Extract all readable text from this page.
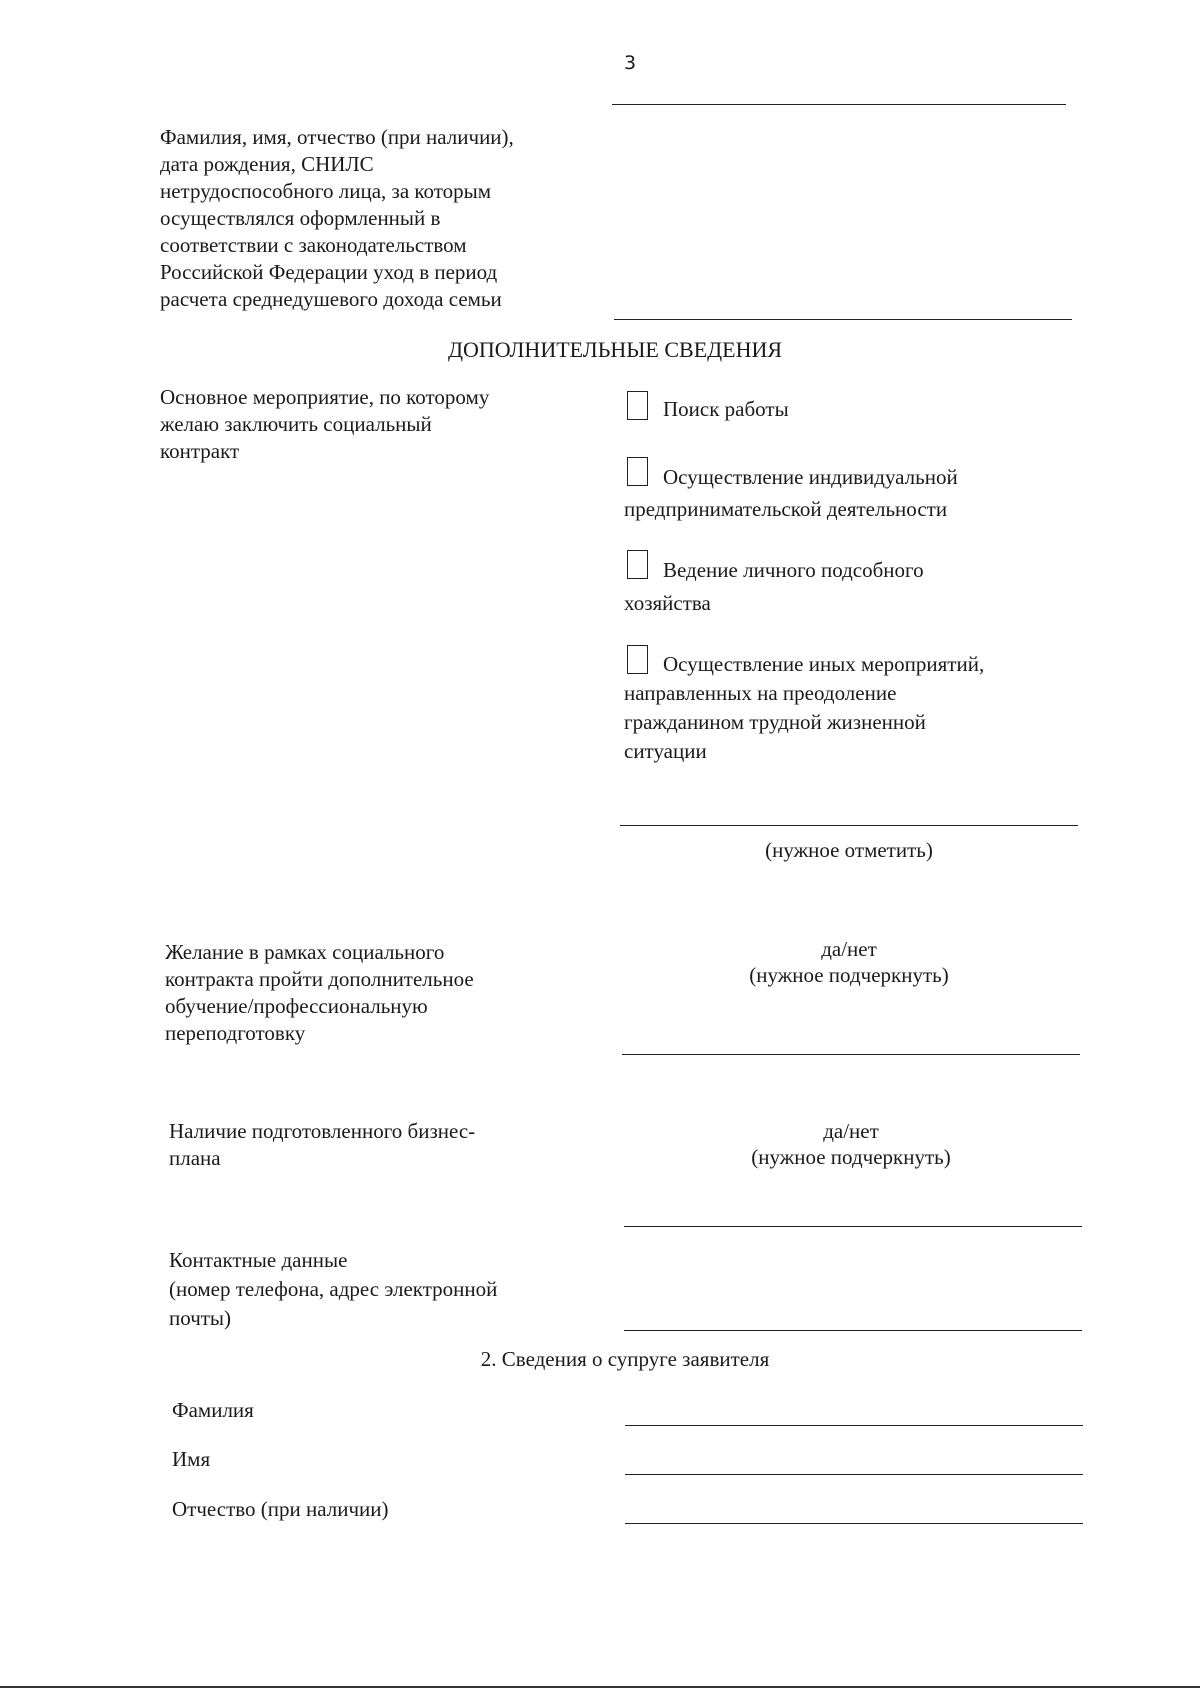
3
Фамилия, имя, отчество (при наличии),
дата рождения, СНИЛС
нетрудоспособного лица, за которым
осуществлялся оформленный в
соответствии с законодательством
Российской Федерации уход в период
расчета среднедушевого дохода семьи
ДОПОЛНИТЕЛЬНЫЕ СВЕДЕНИЯ
Основное мероприятие, по которому
желаю заключить социальный
контракт
Поиск работы
Осуществление индивидуальной
предпринимательской деятельности
Ведение личного подсобного
хозяйства
Осуществление иных мероприятий,
направленных на преодоление
гражданином трудной жизненной
ситуации
(нужное отметить)
Желание в рамках социального
контракта пройти дополнительное
обучение/профессиональную
переподготовку
да/нет
(нужное подчеркнуть)
Наличие подготовленного бизнес-
плана
да/нет
(нужное подчеркнуть)
Контактные данные
(номер телефона, адрес электронной
почты)
2. Сведения о супруге заявителя
Фамилия
Имя
Отчество (при наличии)
